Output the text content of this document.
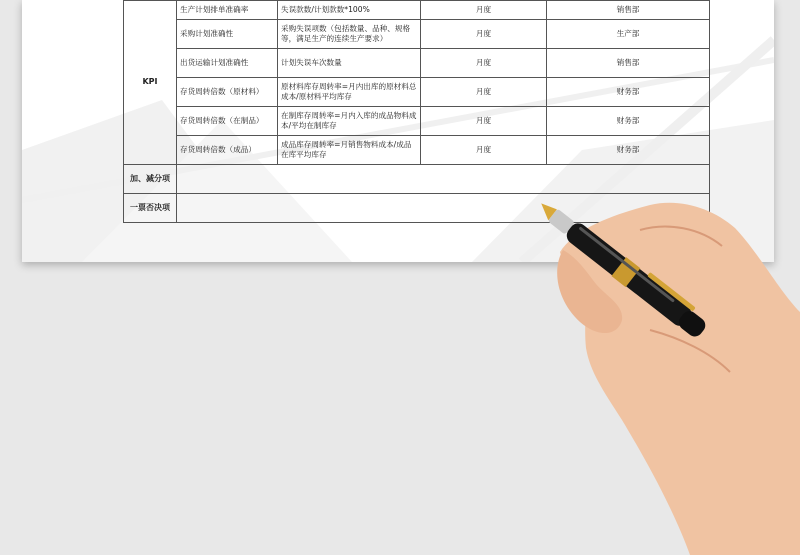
KPI	生产计划排单准确率	失误款数/计划款数*100%	月度	销售部
	采购计划准确性	采购失误项数（包括数量、品种、规格等，满足生产的连续生产要求）	月度	生产部
	出货运输计划准确性	计划失误车次数量	月度	销售部
	存货周转倍数（原材料）	原材料库存周转率=月内出库的原材料总成本/原材料平均库存	月度	财务部
	存货周转倍数（在制品）	在制库存周转率=月内入库的成品物料成本/平均在制库存	月度	财务部
	存货周转倍数（成品）	成品库存周转率=月销售物料成本/成品在库平均库存	月度	财务部
加、减分项				
一票否决项				
